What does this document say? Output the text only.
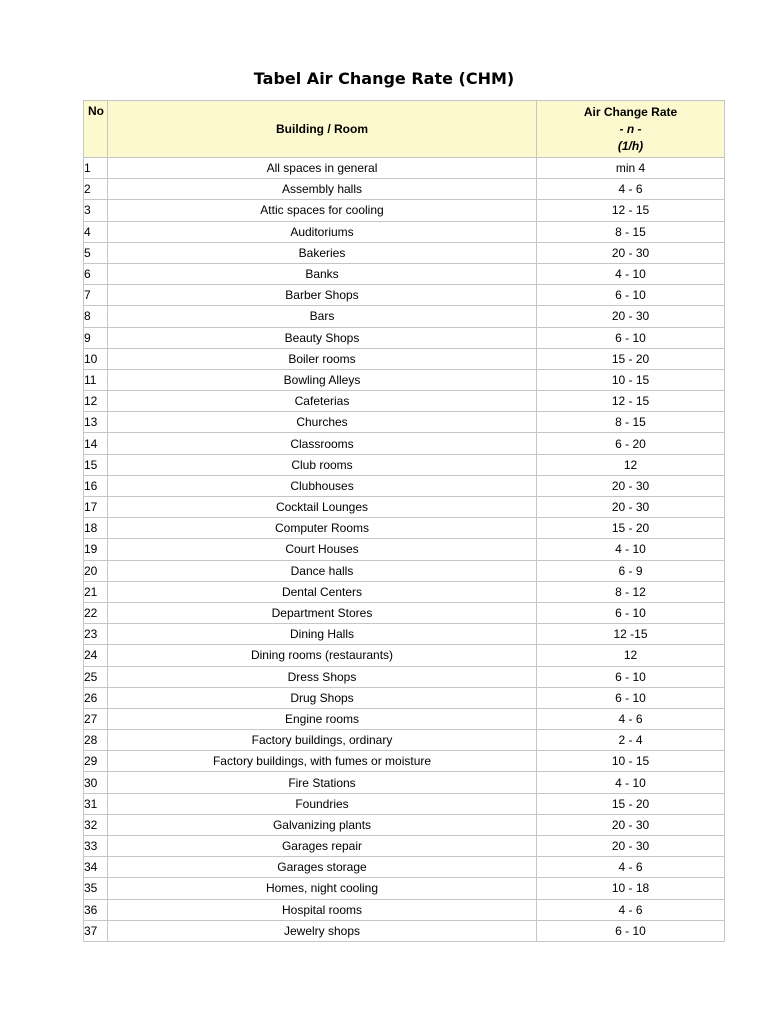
Tabel Air Change Rate (CHM)
No	Building / Room	Air Change Rate
- n -
(1/h)

1	All spaces in general	min 4
2	Assembly halls	4 - 6
3	Attic spaces for cooling	12 - 15
4	Auditoriums	8 - 15
5	Bakeries	20 - 30
6	Banks	4 - 10
7	Barber Shops	6 - 10
8	Bars	20 - 30
9	Beauty Shops	6 - 10
10	Boiler rooms	15 - 20
11	Bowling Alleys	10 - 15
12	Cafeterias	12 - 15
13	Churches	8 - 15
14	Classrooms	6 - 20
15	Club rooms	12
16	Clubhouses	20 - 30
17	Cocktail Lounges	20 - 30
18	Computer Rooms	15 - 20
19	Court Houses	4 - 10
20	Dance halls	6 - 9
21	Dental Centers	8 - 12
22	Department Stores	6 - 10
23	Dining Halls	12 -15
24	Dining rooms (restaurants)	12
25	Dress Shops	6 - 10
26	Drug Shops	6 - 10
27	Engine rooms	4 - 6
28	Factory buildings, ordinary	2 - 4
29	Factory buildings, with fumes or moisture	10 - 15
30	Fire Stations	4 - 10
31	Foundries	15 - 20
32	Galvanizing plants	20 - 30
33	Garages repair	20 - 30
34	Garages storage	4 - 6
35	Homes, night cooling	10 - 18
36	Hospital rooms	4 - 6
37	Jewelry shops	6 - 10
